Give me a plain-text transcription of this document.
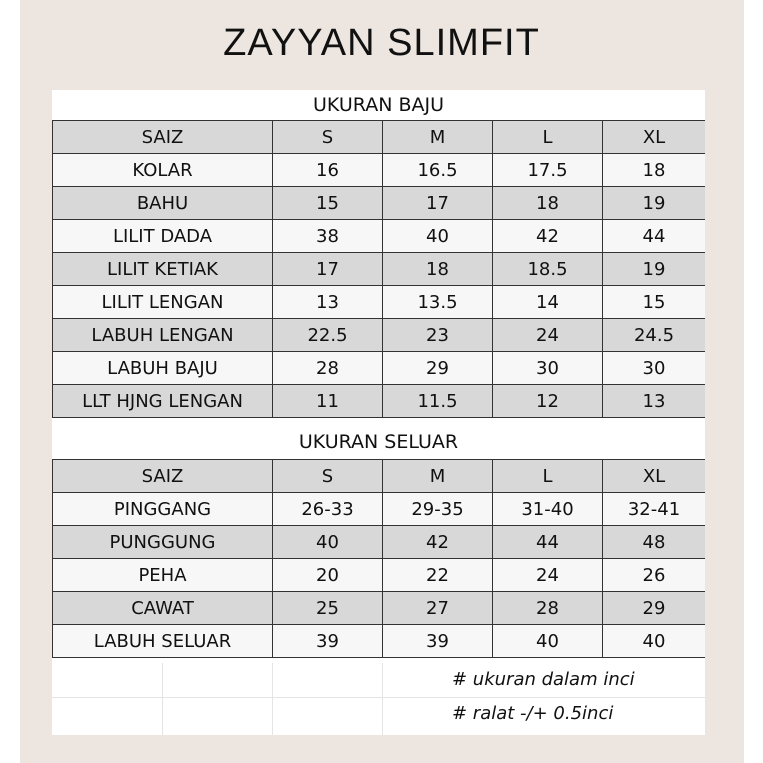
ZAYYAN SLIMFIT
UKURAN BAJU
SAIZ	S	M	L	XL
KOLAR	16	16.5	17.5	18
BAHU	15	17	18	19
LILIT DADA	38	40	42	44
LILIT KETIAK	17	18	18.5	19
LILIT LENGAN	13	13.5	14	15
LABUH LENGAN	22.5	23	24	24.5
LABUH BAJU	28	29	30	30
LLT HJNG LENGAN	11	11.5	12	13
UKURAN SELUAR
SAIZ	S	M	L	XL
PINGGANG	26-33	29-35	31-40	32-41
PUNGGUNG	40	42	44	48
PEHA	20	22	24	26
CAWAT	25	27	28	29
LABUH SELUAR	39	39	40	40
# ukuran dalam inci
# ralat -/+ 0.5inci
